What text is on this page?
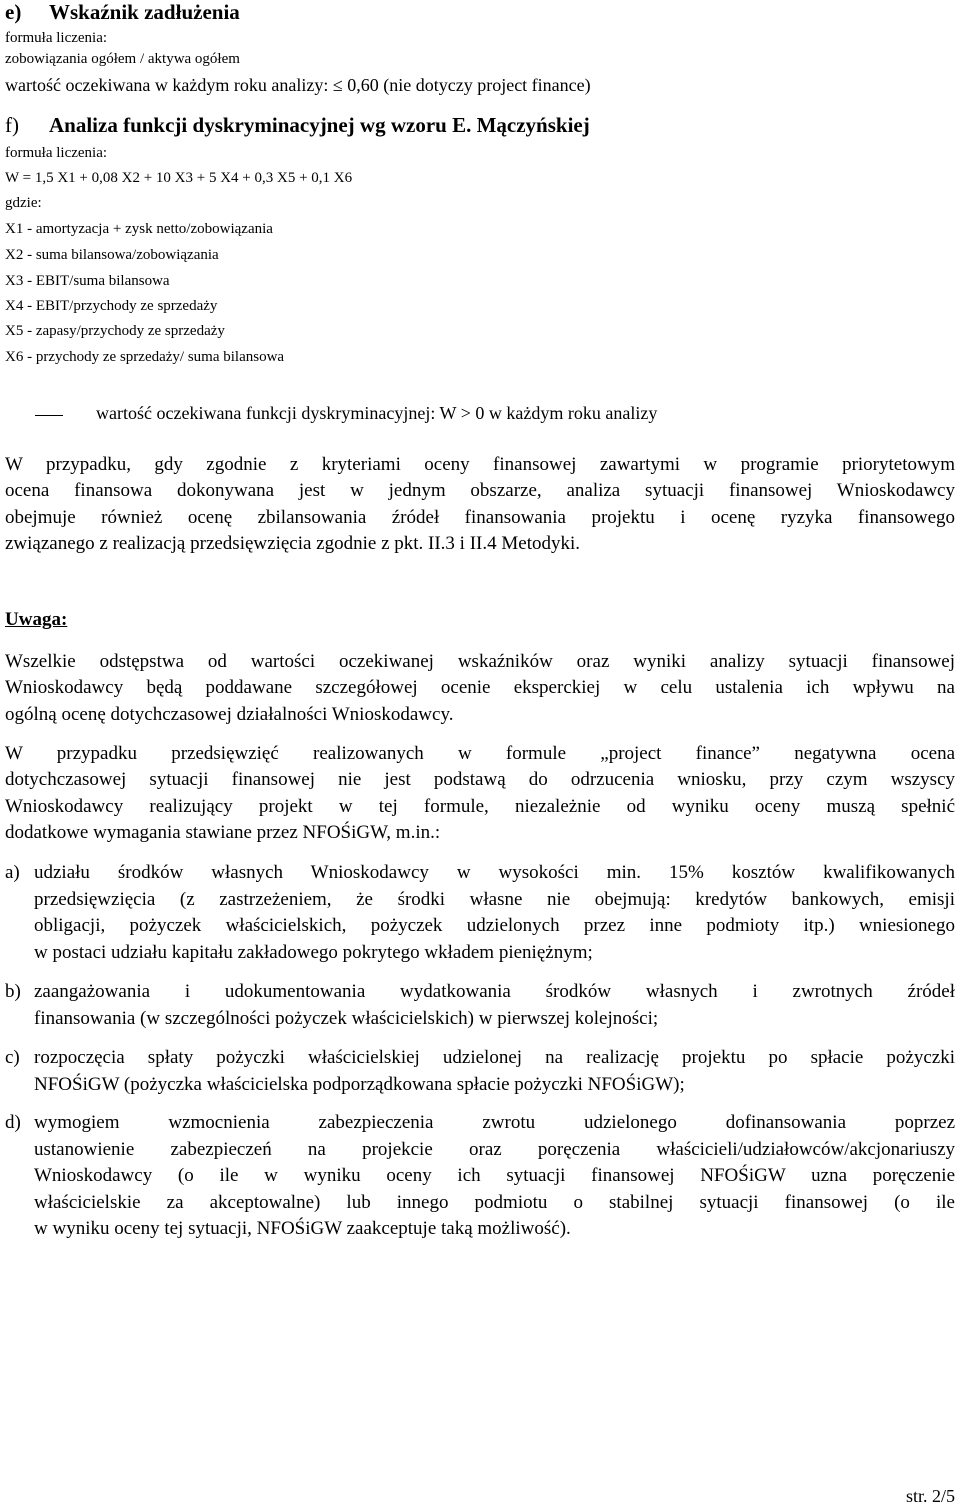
e) Wskaźnik zadłużenia
formuła liczenia:
zobowiązania ogółem / aktywa ogółem
wartość oczekiwana w każdym roku analizy: ≤ 0,60 (nie dotyczy project finance)
f) Analiza funkcji dyskryminacyjnej wg wzoru E. Mączyńskiej
formuła liczenia:
W = 1,5 X1 + 0,08 X2 + 10 X3 + 5 X4 + 0,3 X5 + 0,1 X6
gdzie:
X1 - amortyzacja + zysk netto/zobowiązania
X2 - suma bilansowa/zobowiązania
X3 - EBIT/suma bilansowa
X4 - EBIT/przychody ze sprzedaży
X5 - zapasy/przychody ze sprzedaży
X6 - przychody ze sprzedaży/ suma bilansowa
wartość oczekiwana funkcji dyskryminacyjnej: W > 0 w każdym roku analizy
W przypadku, gdy zgodnie z kryteriami oceny finansowej zawartymi w programie priorytetowym
ocena finansowa dokonywana jest w jednym obszarze, analiza sytuacji finansowej Wnioskodawcy
obejmuje również ocenę zbilansowania źródeł finansowania projektu i ocenę ryzyka finansowego
związanego z realizacją przedsięwzięcia zgodnie z pkt. II.3 i II.4 Metodyki.
Uwaga:
Wszelkie odstępstwa od wartości oczekiwanej wskaźników oraz wyniki analizy sytuacji finansowej
Wnioskodawcy będą poddawane szczegółowej ocenie eksperckiej w celu ustalenia ich wpływu na
ogólną ocenę dotychczasowej działalności Wnioskodawcy.
W przypadku przedsięwzięć realizowanych w formule „project finance” negatywna ocena
dotychczasowej sytuacji finansowej nie jest podstawą do odrzucenia wniosku, przy czym wszyscy
Wnioskodawcy realizujący projekt w tej formule, niezależnie od wyniku oceny muszą spełnić
dodatkowe wymagania stawiane przez NFOŚiGW, m.in.:
a) udziału środków własnych Wnioskodawcy w wysokości min. 15% kosztów kwalifikowanych
przedsięwzięcia (z zastrzeżeniem, że środki własne nie obejmują: kredytów bankowych, emisji
obligacji, pożyczek właścicielskich, pożyczek udzielonych przez inne podmioty itp.) wniesionego
w postaci udziału kapitału zakładowego pokrytego wkładem pieniężnym;
b) zaangażowania i udokumentowania wydatkowania środków własnych i zwrotnych źródeł
finansowania (w szczególności pożyczek właścicielskich) w pierwszej kolejności;
c) rozpoczęcia spłaty pożyczki właścicielskiej udzielonej na realizację projektu po spłacie pożyczki
NFOŚiGW (pożyczka właścicielska podporządkowana spłacie pożyczki NFOŚiGW);
d) wymogiem wzmocnienia zabezpieczenia zwrotu udzielonego dofinansowania poprzez
ustanowienie zabezpieczeń na projekcie oraz poręczenia właścicieli/udziałowców/akcjonariuszy
Wnioskodawcy (o ile w wyniku oceny ich sytuacji finansowej NFOŚiGW uzna poręczenie
właścicielskie za akceptowalne) lub innego podmiotu o stabilnej sytuacji finansowej (o ile
w wyniku oceny tej sytuacji, NFOŚiGW zaakceptuje taką możliwość).
str. 2/5
